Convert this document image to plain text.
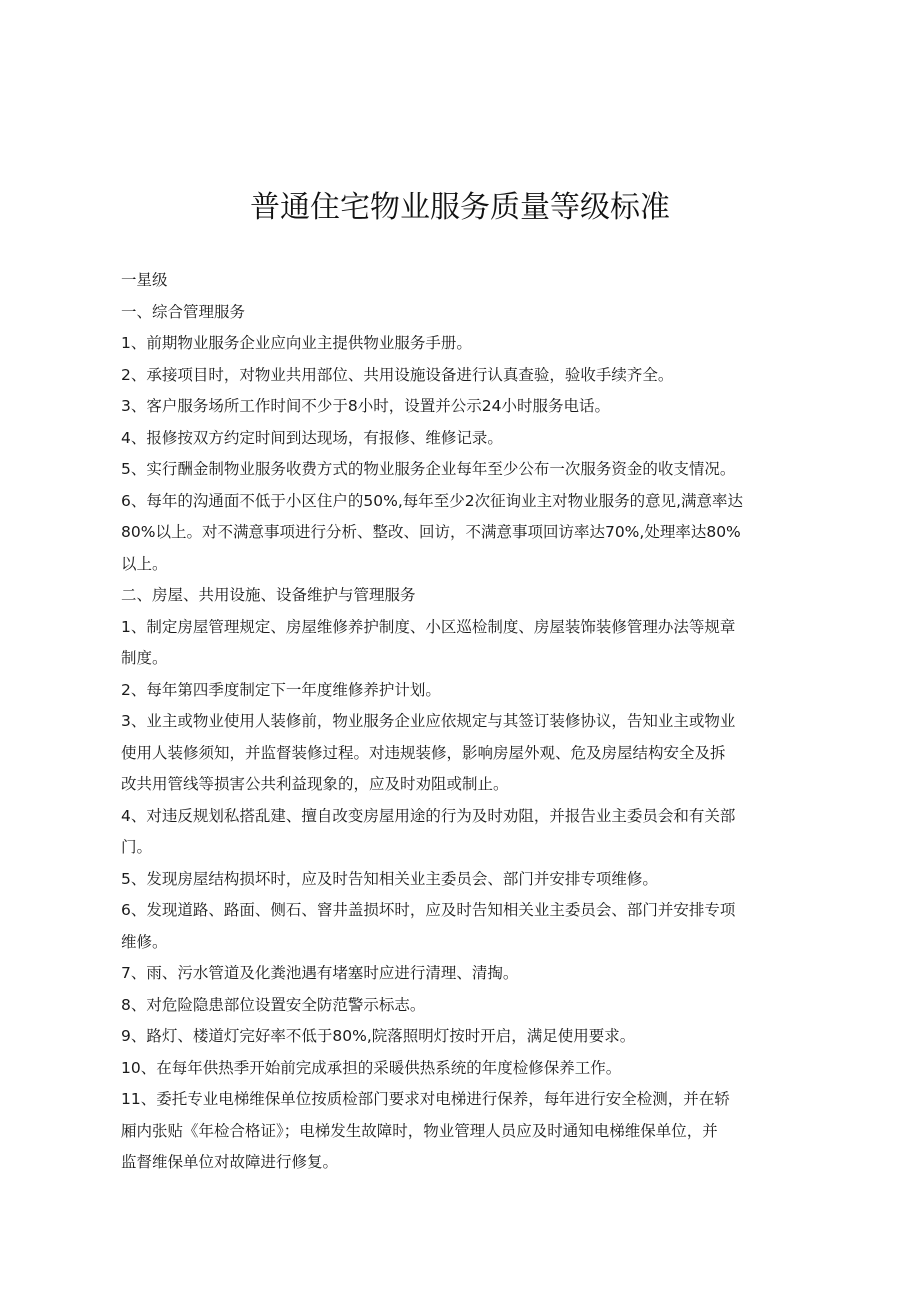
普通住宅物业服务质量等级标准

一星级

一、综合管理服务

1、前期物业服务企业应向业主提供物业服务手册。

2、承接项目时，对物业共用部位、共用设施设备进行认真查验，验收手续齐全。

3、客户服务场所工作时间不少于8小时，设置并公示24小时服务电话。

4、报修按双方约定时间到达现场，有报修、维修记录。

5、实行酬金制物业服务收费方式的物业服务企业每年至少公布一次服务资金的收支情况。

6、每年的沟通面不低于小区住户的50%,每年至少2次征询业主对物业服务的意见,满意率达

80%以上。对不满意事项进行分析、整改、回访，不满意事项回访率达70%,处理率达80%

以上。

二、房屋、共用设施、设备维护与管理服务

1、制定房屋管理规定、房屋维修养护制度、小区巡检制度、房屋装饰装修管理办法等规章

制度。

2、每年第四季度制定下一年度维修养护计划。

3、业主或物业使用人装修前，物业服务企业应依规定与其签订装修协议，告知业主或物业

使用人装修须知，并监督装修过程。对违规装修，影响房屋外观、危及房屋结构安全及拆

改共用管线等损害公共利益现象的，应及时劝阻或制止。

4、对违反规划私搭乱建、擅自改变房屋用途的行为及时劝阻，并报告业主委员会和有关部

门。

5、发现房屋结构损坏时，应及时告知相关业主委员会、部门并安排专项维修。

6、发现道路、路面、侧石、窨井盖损坏时，应及时告知相关业主委员会、部门并安排专项

维修。

7、雨、污水管道及化粪池遇有堵塞时应进行清理、清掏。

8、对危险隐患部位设置安全防范警示标志。

9、路灯、楼道灯完好率不低于80%,院落照明灯按时开启，满足使用要求。

10、在每年供热季开始前完成承担的采暖供热系统的年度检修保养工作。

11、委托专业电梯维保单位按质检部门要求对电梯进行保养，每年进行安全检测，并在轿

厢内张贴《年检合格证》；电梯发生故障时，物业管理人员应及时通知电梯维保单位，并

监督维保单位对故障进行修复。
